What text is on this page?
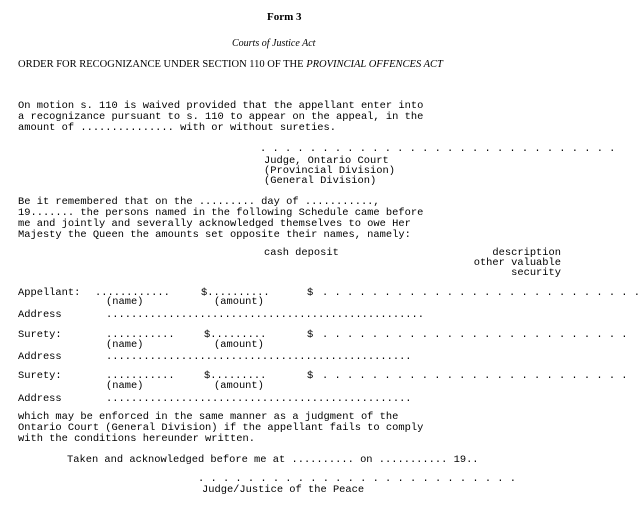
Form 3
Courts of Justice Act
ORDER FOR RECOGNIZANCE UNDER SECTION 110 OF THE PROVINCIAL OFFENCES ACT
On motion s. 110 is waived provided that the appellant enter into
a recognizance pursuant to s. 110 to appear on the appeal, in the
amount of ............... with or without sureties.
. . . . . . . . . . . . . . . . . . . . . . . . . . . . .
Judge, Ontario Court
(Provincial Division)
(General Division)
Be it remembered that on the ......... day of ...........,
19....... the persons named in the following Schedule came before
me and jointly and severally acknowledged themselves to owe Her
Majesty the Queen the amounts set opposite their names, namely:
cash deposit	description
other valuable
security
Appellant: ............	$..........	$ . . . . . . . . . . . . . . . . . . . . . . . . . .
(name)	(amount)
Address	...................................................
Surety:	...........	$.........	$ . . . . . . . . . . . . . . . . . . . . . . . . .
(name)	(amount)
Address	.................................................
Surety:	...........	$.........	$ . . . . . . . . . . . . . . . . . . . . . . . . .
(name)	(amount)
Address	.................................................
which may be enforced in the same manner as a judgment of the
Ontario Court (General Division) if the appellant fails to comply
with the conditions hereunder written.
Taken and acknowledged before me at .......... on ........... 19..
. . . . . . . . . . . . . . . . . . . . . . . . . .
Judge/Justice of the Peace
